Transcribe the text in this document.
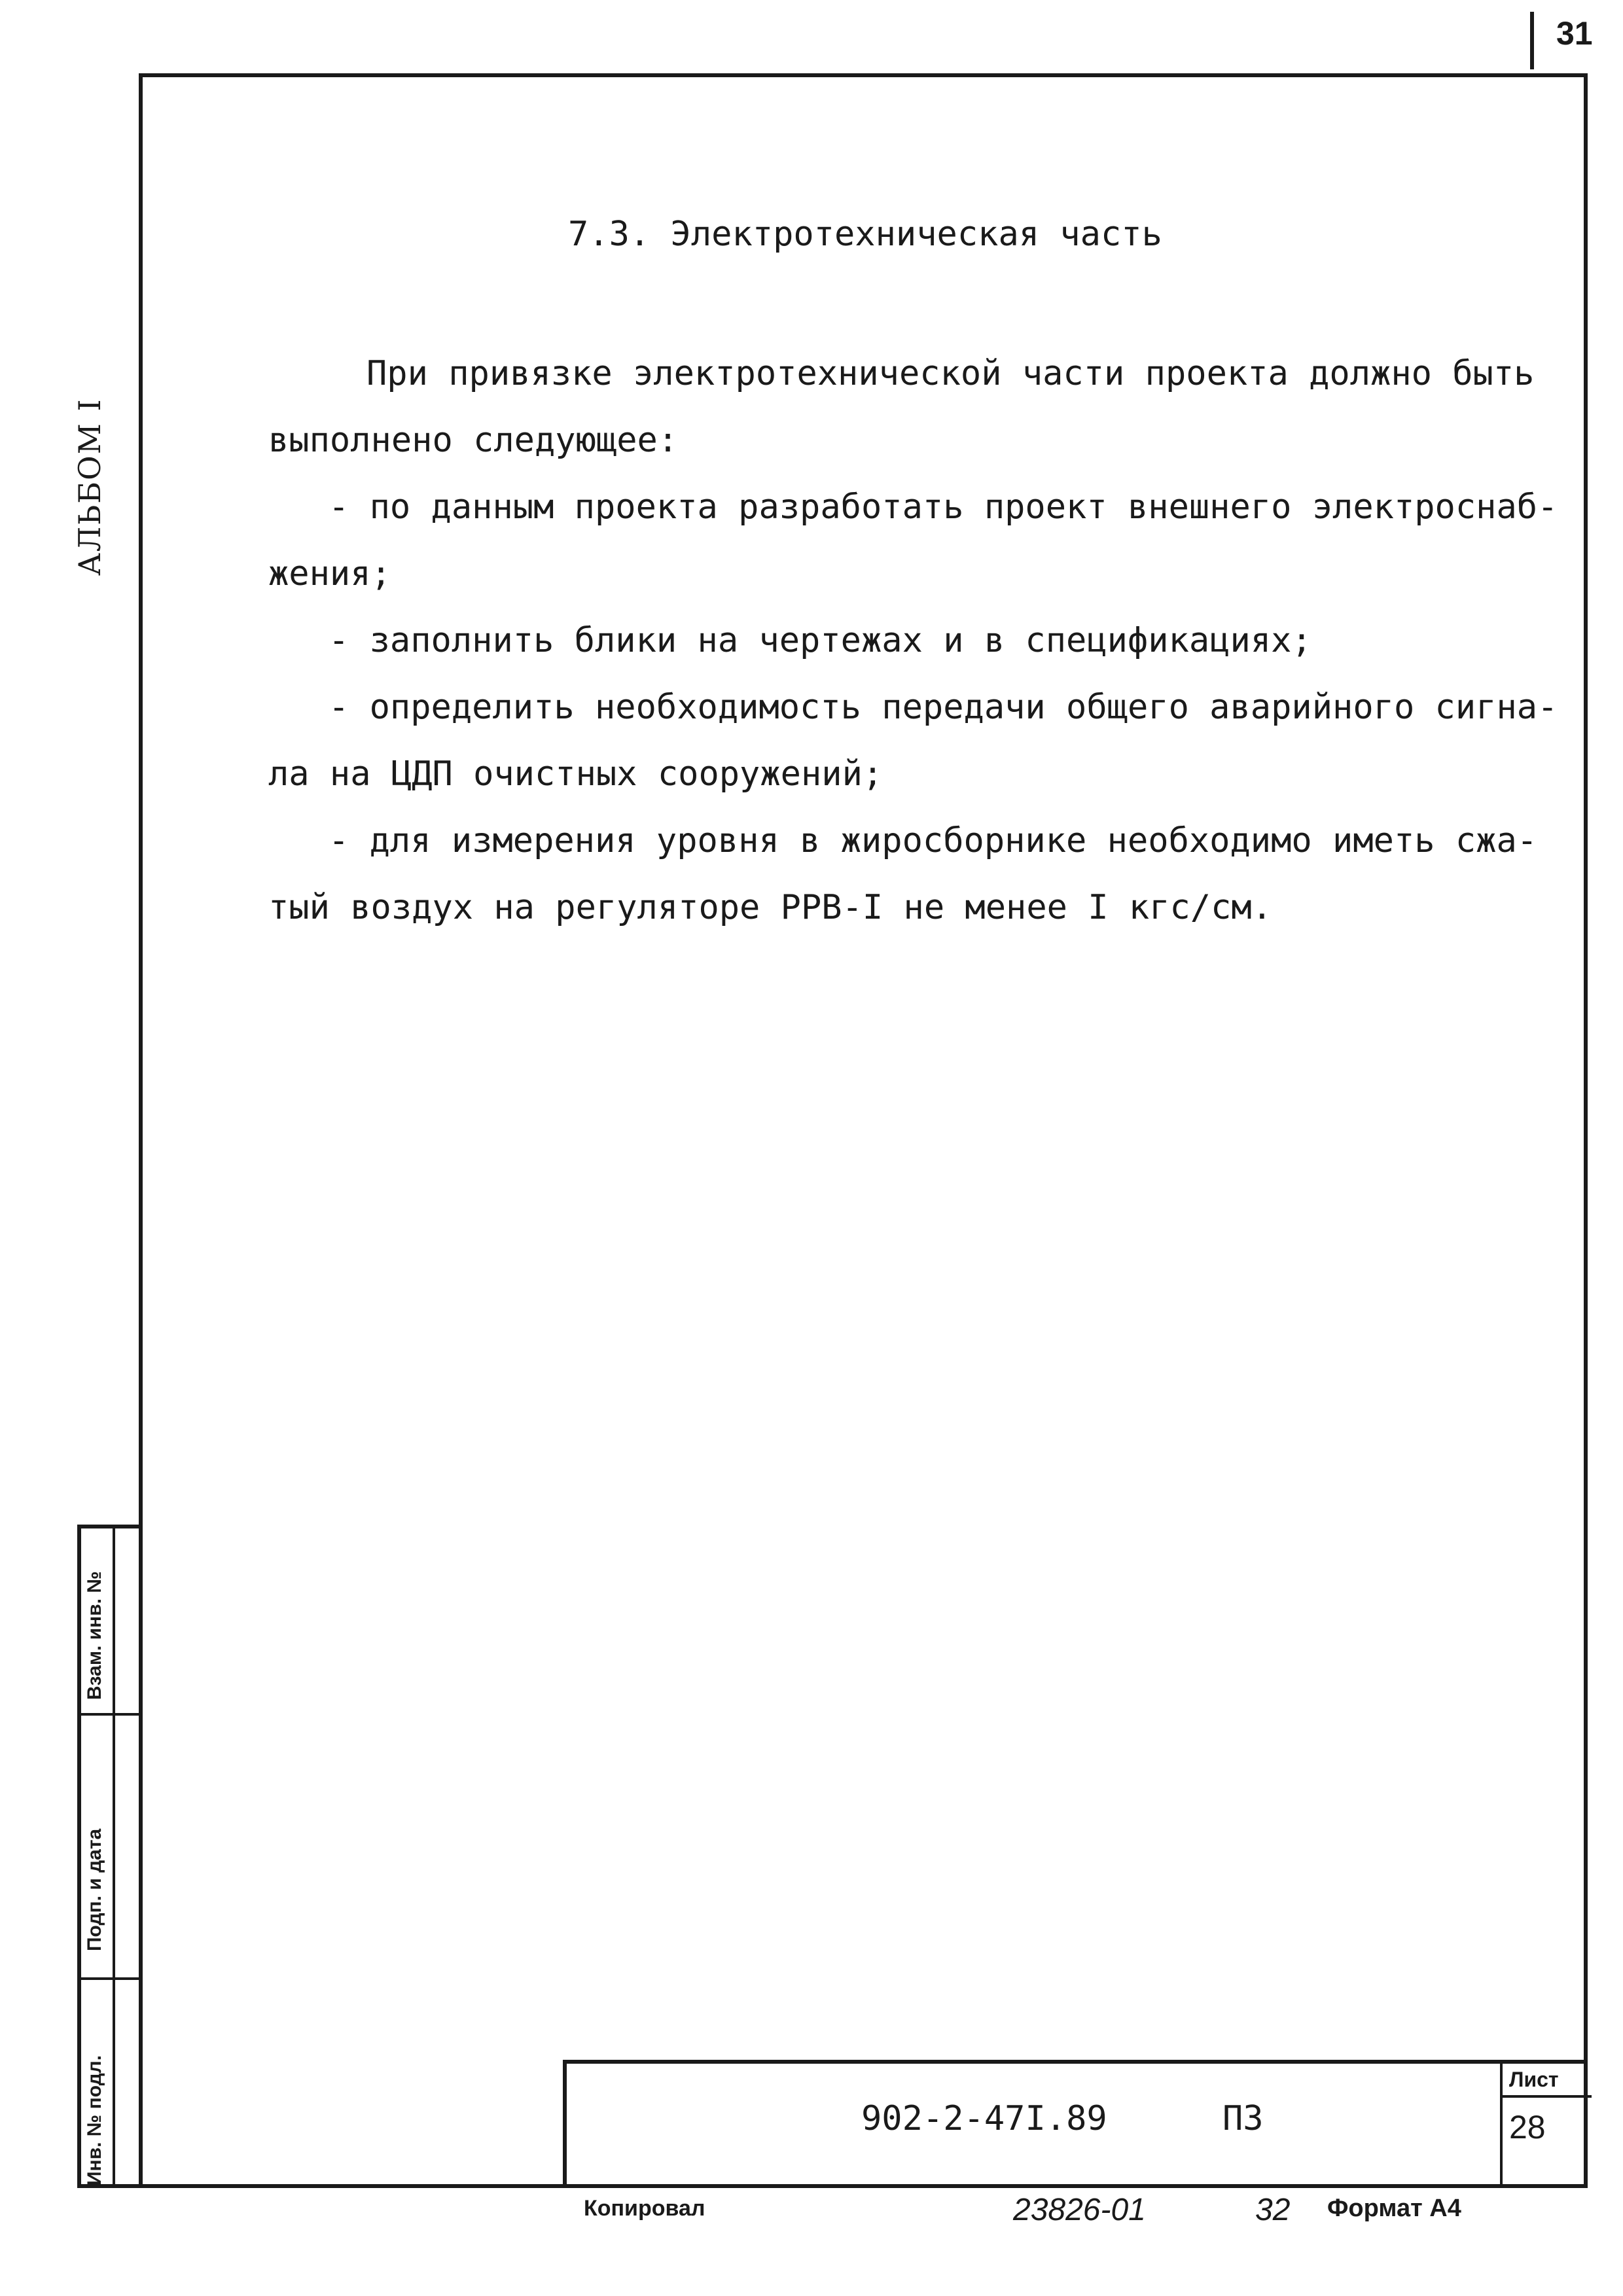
31
АЛЬБОМ I
7.3. Электротехническая часть

При привязке электротехнической части проекта должно быть

выполнено следующее:

- по данным проекта разработать проект внешнего электроснаб-

жения;

- заполнить блики на чертежах и в спецификациях;

- определить необходимость передачи общего аварийного сигна-

ла на ЦДП очистных сооружений;

- для измерения уровня в жиросборнике необходимо иметь сжа-

тый воздух на регуляторе РРВ-I не менее I кгс/см.

Взам. инв. №
Подп. и дата
Инв. № подл.	902-2-47I.89	ПЗ
Лист
28
Копировал	23826-01	32 Формат А4
